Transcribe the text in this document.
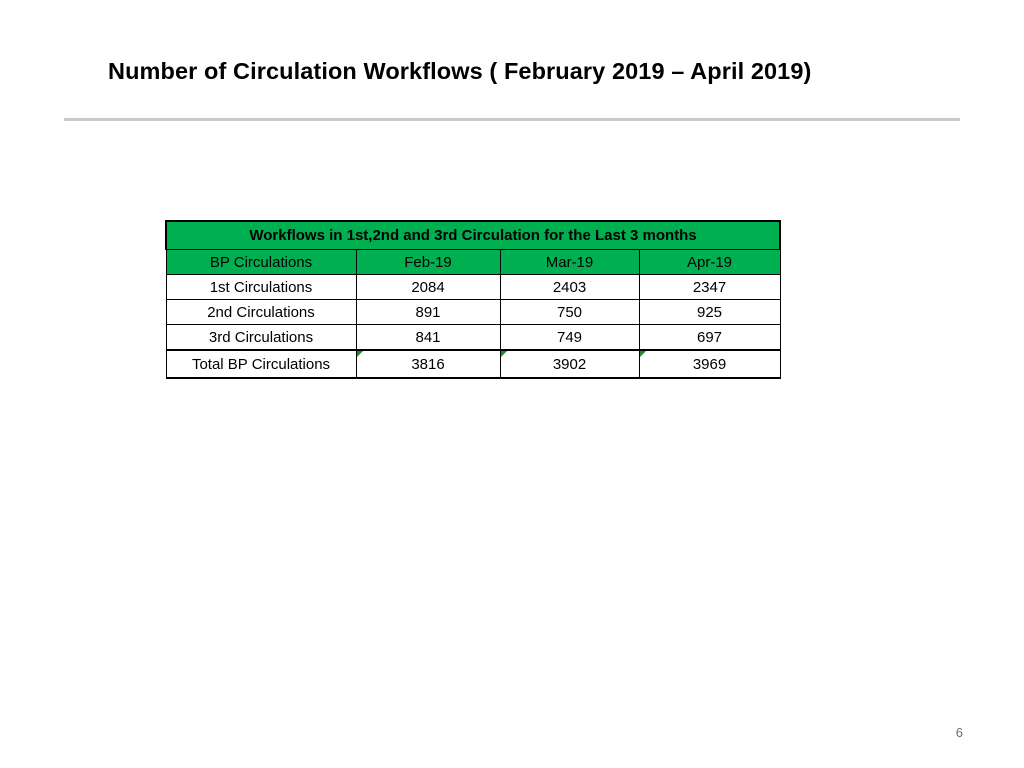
Number of Circulation Workflows ( February 2019 – April 2019)
Workflows in 1st,2nd and 3rd Circulation for the Last 3 months			
BP Circulations	Feb-19	Mar-19	Apr-19
1st Circulations	2084	2403	2347
2nd Circulations	891	750	925
3rd Circulations	841	749	697
Total BP Circulations	3816	3902	3969
6
